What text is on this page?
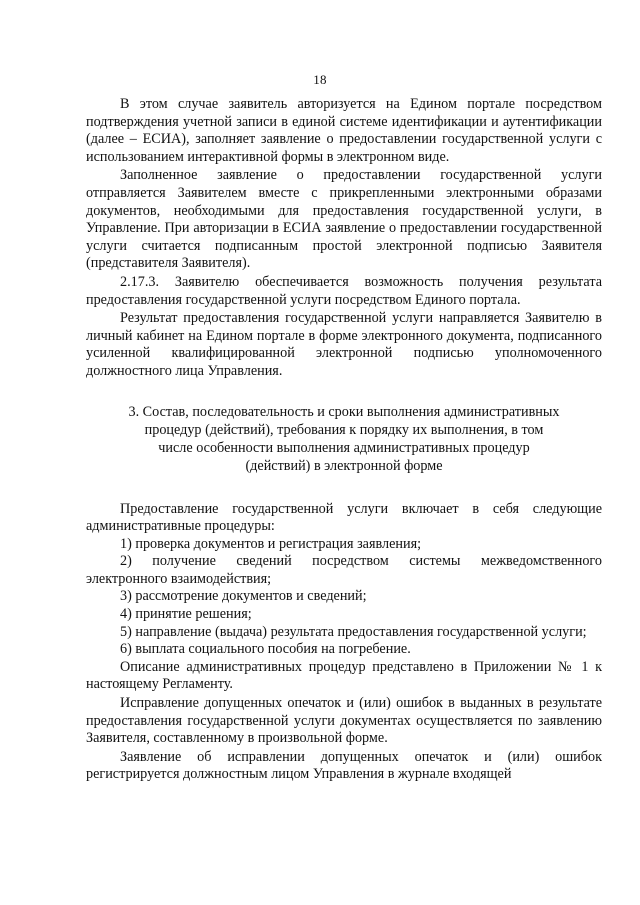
18

В этом случае заявитель авторизуется на Едином портале посредством подтверждения учетной записи в единой системе идентификации и аутентификации (далее – ЕСИА), заполняет заявление о предоставлении государственной услуги с использованием интерактивной формы в электронном виде.

Заполненное заявление о предоставлении государственной услуги отправляется Заявителем вместе с прикрепленными электронными образами документов, необходимыми для предоставления государственной услуги, в Управление. При авторизации в ЕСИА заявление о предоставлении государственной услуги считается подписанным простой электронной подписью Заявителя (представителя Заявителя).

2.17.3. Заявителю обеспечивается возможность получения результата предоставления государственной услуги посредством Единого портала.

Результат предоставления государственной услуги направляется Заявителю в личный кабинет на Едином портале в форме электронного документа, подписанного усиленной квалифицированной электронной подписью уполномоченного должностного лица Управления.

3. Состав, последовательность и сроки выполнения административных процедур (действий), требования к порядку их выполнения, в том числе особенности выполнения административных процедур (действий) в электронной форме

Предоставление государственной услуги включает в себя следующие административные процедуры:

1) проверка документов и регистрация заявления;

2) получение сведений посредством системы межведомственного электронного взаимодействия;

3) рассмотрение документов и сведений;

4) принятие решения;

5) направление (выдача) результата предоставления государственной услуги;

6) выплата социального пособия на погребение.

Описание административных процедур представлено в Приложении № 1 к настоящему Регламенту.

Исправление допущенных опечаток и (или) ошибок в выданных в результате предоставления государственной услуги документах осуществляется по заявлению Заявителя, составленному в произвольной форме.

Заявление об исправлении допущенных опечаток и (или) ошибок регистрируется должностным лицом Управления в журнале входящей
